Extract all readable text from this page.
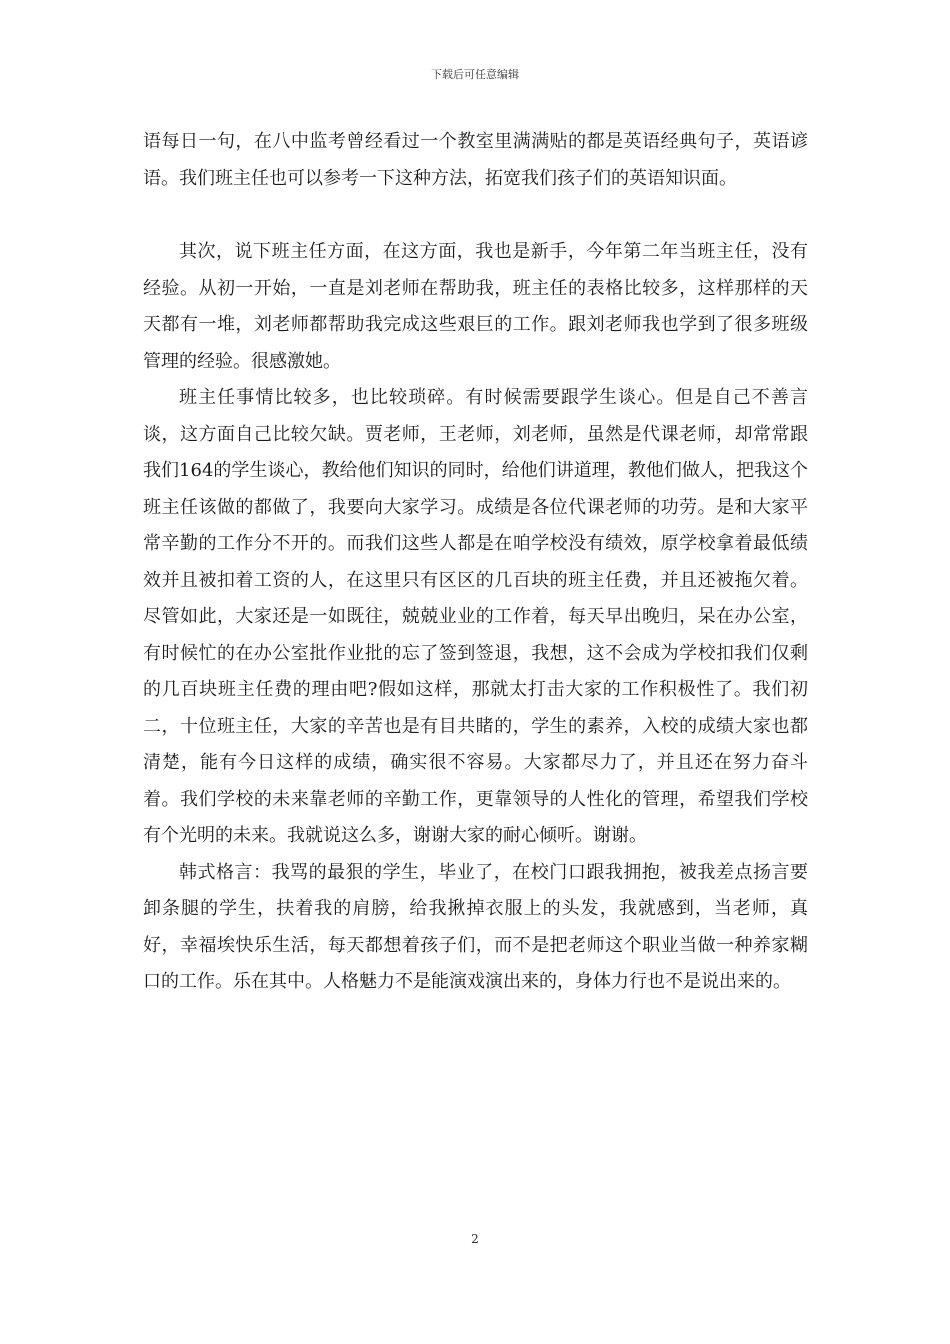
下载后可任意编辑

语每日一句，在八中监考曾经看过一个教室里满满贴的都是英语经典句子，英语谚语。我们班主任也可以参考一下这种方法，拓宽我们孩子们的英语知识面。

其次，说下班主任方面，在这方面，我也是新手，今年第二年当班主任，没有经验。从初一开始，一直是刘老师在帮助我，班主任的表格比较多，这样那样的天天都有一堆，刘老师都帮助我完成这些艰巨的工作。跟刘老师我也学到了很多班级管理的经验。很感激她。

班主任事情比较多，也比较琐碎。有时候需要跟学生谈心。但是自己不善言谈，这方面自己比较欠缺。贾老师，王老师，刘老师，虽然是代课老师，却常常跟我们164的学生谈心，教给他们知识的同时，给他们讲道理，教他们做人，把我这个班主任该做的都做了，我要向大家学习。成绩是各位代课老师的功劳。是和大家平常辛勤的工作分不开的。而我们这些人都是在咱学校没有绩效，原学校拿着最低绩效并且被扣着工资的人，在这里只有区区的几百块的班主任费，并且还被拖欠着。尽管如此，大家还是一如既往，兢兢业业的工作着，每天早出晚归，呆在办公室，有时候忙的在办公室批作业批的忘了签到签退，我想，这不会成为学校扣我们仅剩的几百块班主任费的理由吧?假如这样，那就太打击大家的工作积极性了。我们初二，十位班主任，大家的辛苦也是有目共睹的，学生的素养，入校的成绩大家也都清楚，能有今日这样的成绩，确实很不容易。大家都尽力了，并且还在努力奋斗着。我们学校的未来靠老师的辛勤工作，更靠领导的人性化的管理，希望我们学校有个光明的未来。我就说这么多，谢谢大家的耐心倾听。谢谢。

韩式格言：我骂的最狠的学生，毕业了，在校门口跟我拥抱，被我差点扬言要卸条腿的学生，扶着我的肩膀，给我揪掉衣服上的头发，我就感到，当老师，真好，幸福埃快乐生活，每天都想着孩子们，而不是把老师这个职业当做一种养家糊口的工作。乐在其中。人格魅力不是能演戏演出来的，身体力行也不是说出来的。

2
